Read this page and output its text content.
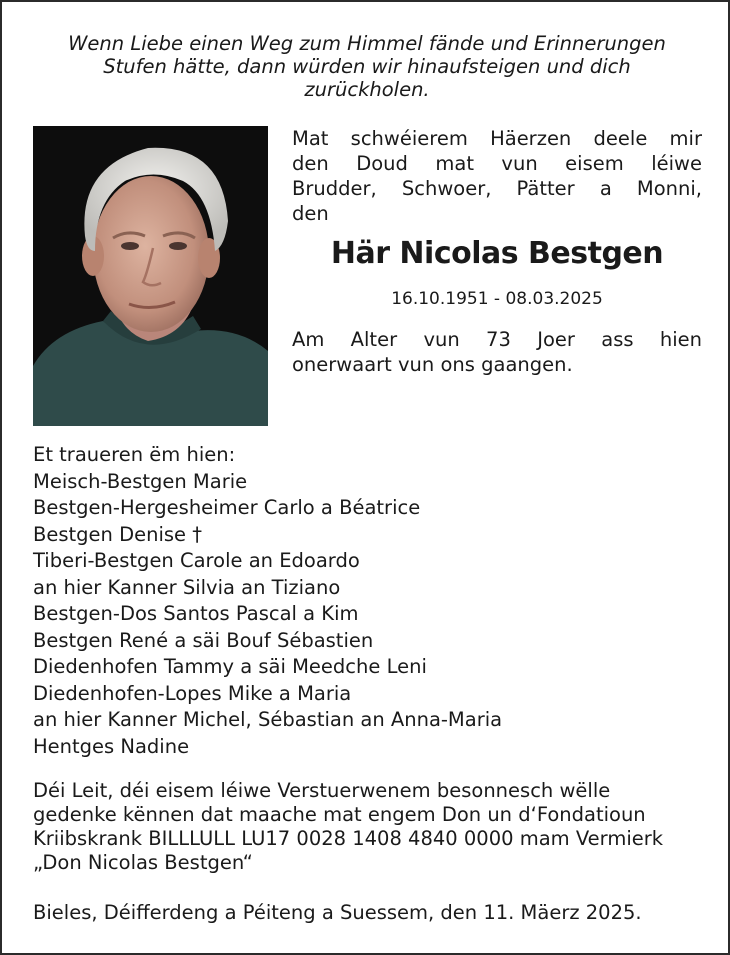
Wenn Liebe einen Weg zum Himmel fände und Erinnerungen
Stufen hätte, dann würden wir hinaufsteigen und dich
zurückholen.
Mat schwéierem Häerzen deele mir
den Doud mat vun eisem léiwe
Brudder, Schwoer, Pätter a Monni,
den
Här Nicolas Bestgen
16.10.1951 - 08.03.2025
Am Alter vun 73 Joer ass hien
onerwaart vun ons gaangen.
Et traueren ëm hien:
Meisch-Bestgen Marie
Bestgen-Hergesheimer Carlo a Béatrice
Bestgen Denise †
Tiberi-Bestgen Carole an Edoardo
an hier Kanner Silvia an Tiziano
Bestgen-Dos Santos Pascal a Kim
Bestgen René a säi Bouf Sébastien
Diedenhofen Tammy a säi Meedche Leni
Diedenhofen-Lopes Mike a Maria
an hier Kanner Michel, Sébastian an Anna-Maria
Hentges Nadine
Déi Leit, déi eisem léiwe Verstuerwenem besonnesch wëlle
gedenke kënnen dat maache mat engem Don un d‘Fondatioun
Kriibskrank BILLLULL LU17 0028 1408 4840 0000 mam Vermierk
„Don Nicolas Bestgen“
Bieles, Déifferdeng a Péiteng a Suessem, den 11. Mäerz 2025.
